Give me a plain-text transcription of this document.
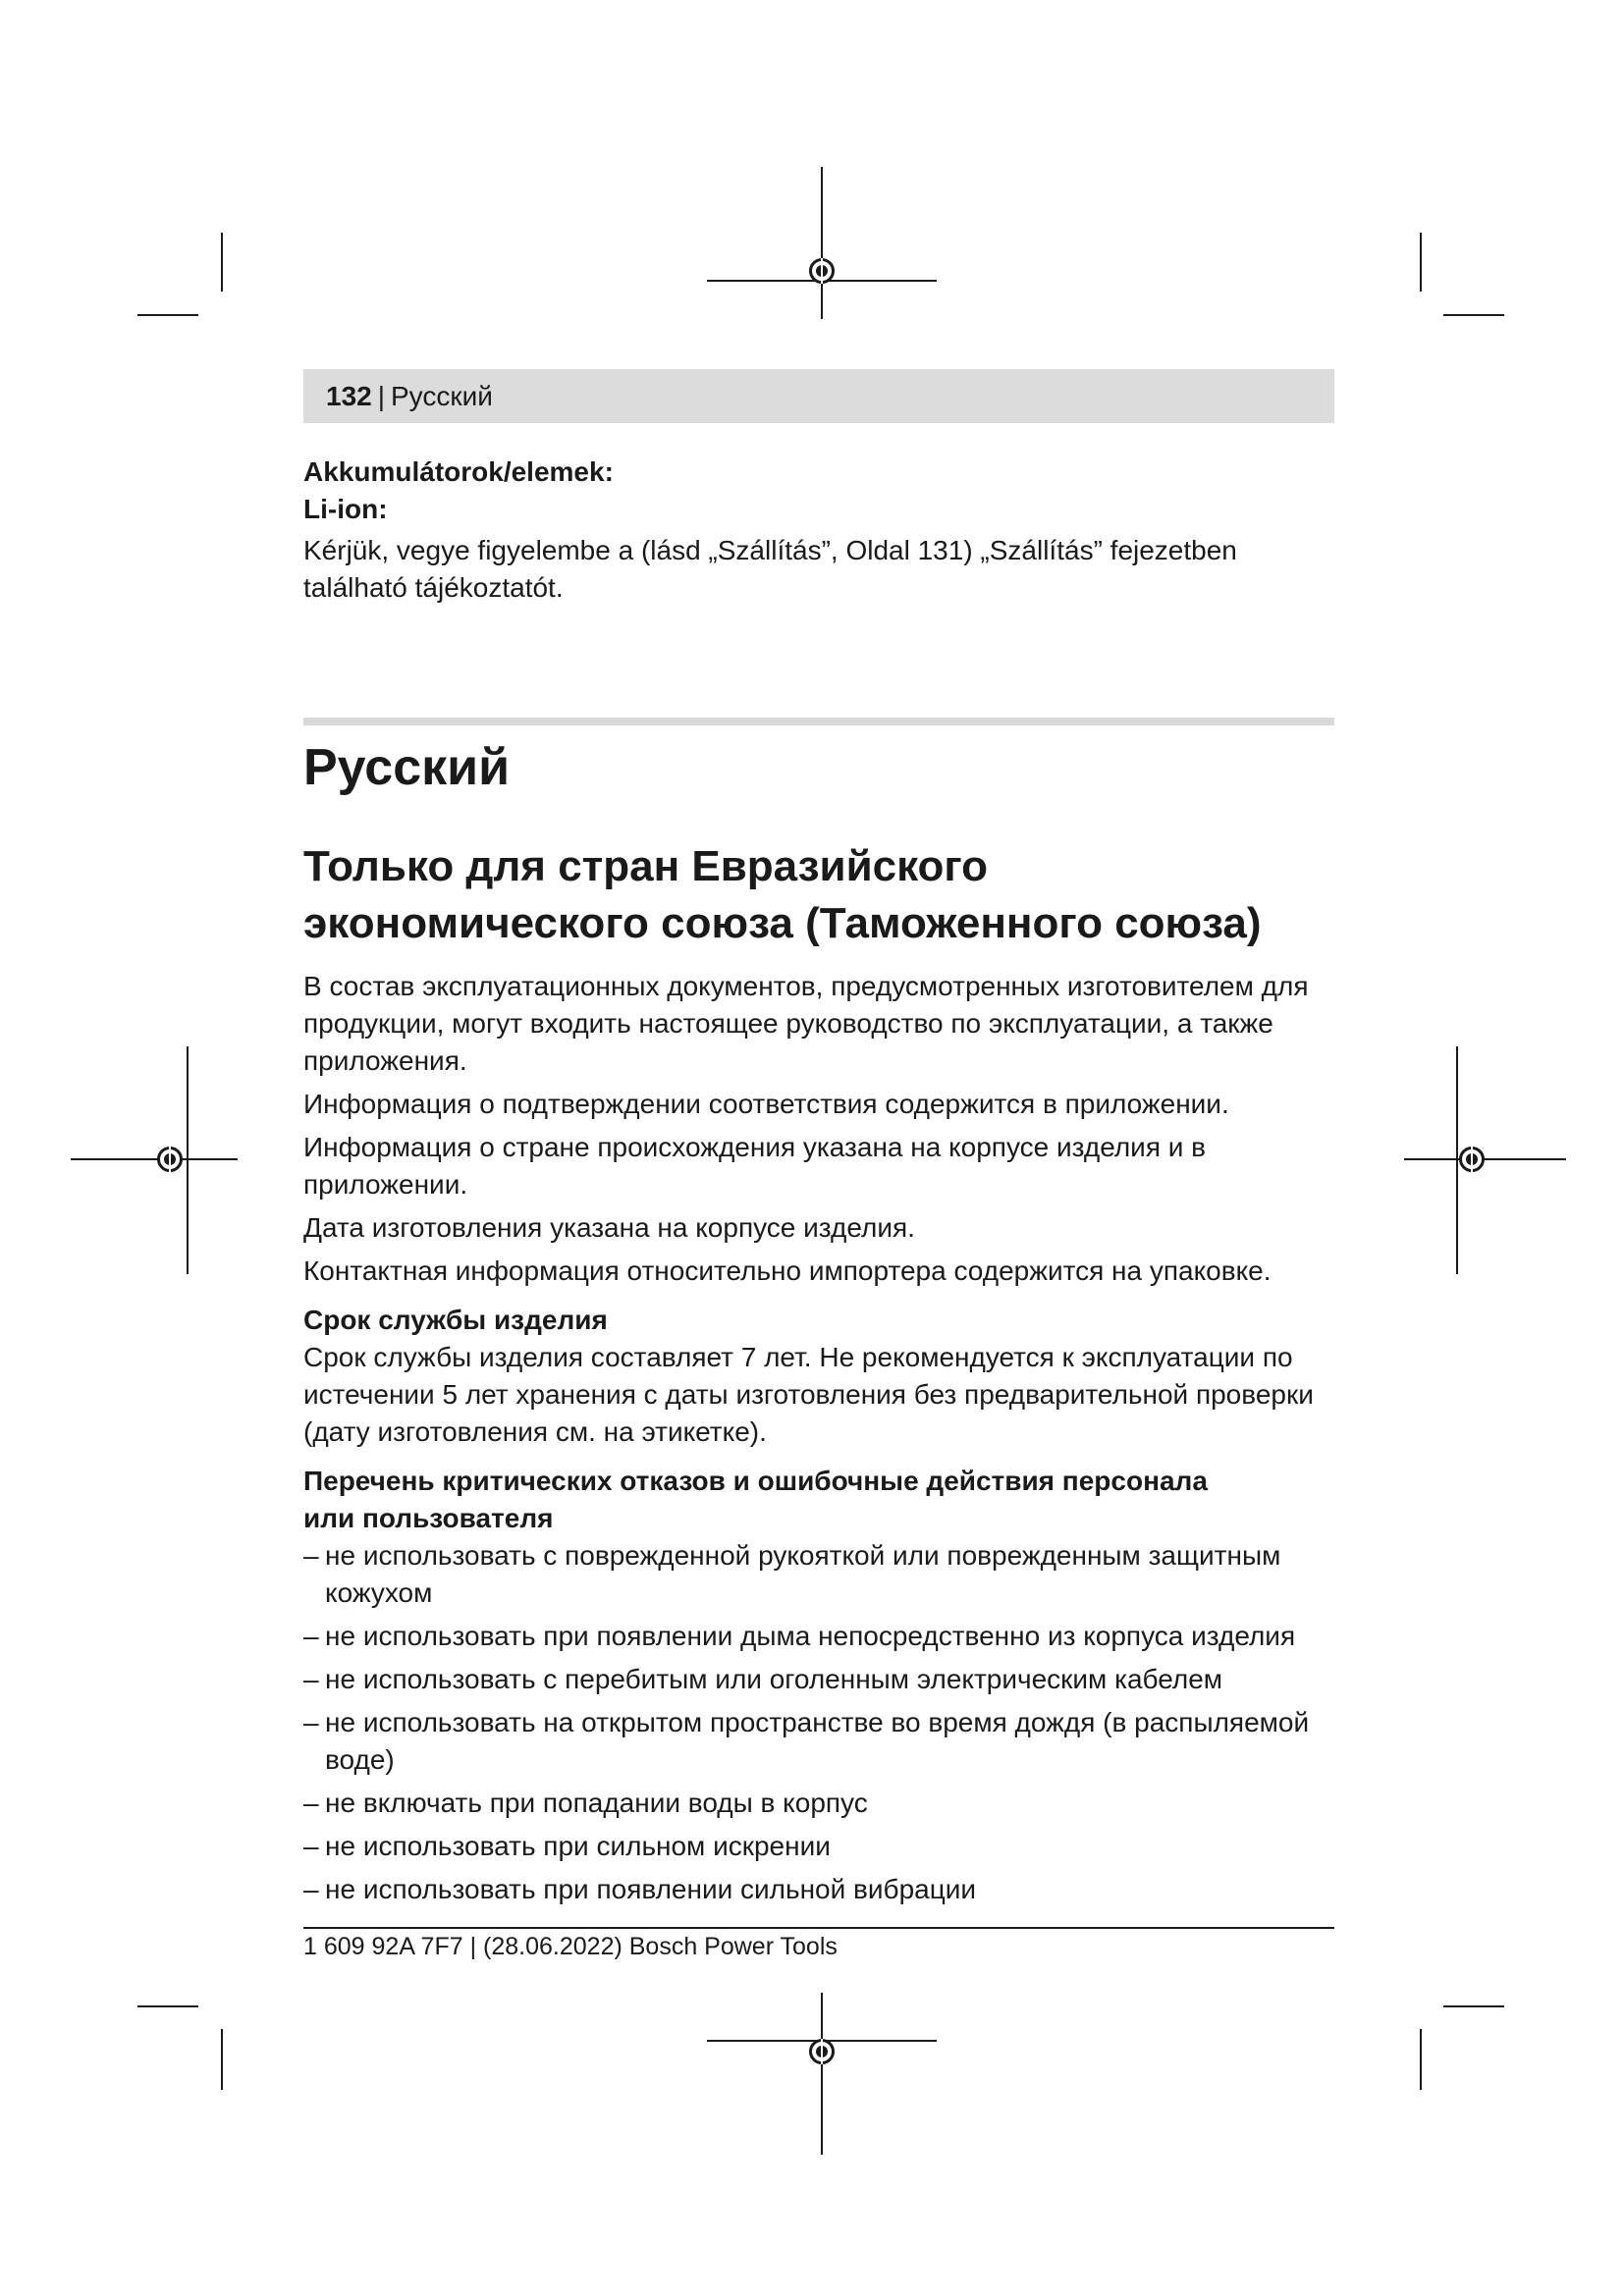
132 | Русский
Akkumulátorok/elemek:
Li-ion:
Kérjük, vegye figyelembe a (lásd „Szállítás”, Oldal 131) „Szállítás” fejezetben található tájékoztatót.
Русский
Только для стран Евразийского экономического союза (Таможенного союза)

В состав эксплуатационных документов, предусмотренных изготовителем для продукции, могут входить настоящее руководство по эксплуатации, а также приложения.

Информация о подтверждении соответствия содержится в приложении.

Информация о стране происхождения указана на корпусе изделия и в приложении.

Дата изготовления указана на корпусе изделия.

Контактная информация относительно импортера содержится на упаковке.

Срок службы изделия
Срок службы изделия составляет 7 лет. Не рекомендуется к эксплуатации по истечении 5 лет хранения с даты изготовления без предварительной проверки (дату изготовления см. на этикетке).
Перечень критических отказов и ошибочные действия персонала или пользователя
– не использовать с поврежденной рукояткой или поврежденным защитным кожухом
– не использовать при появлении дыма непосредственно из корпуса изделия
– не использовать с перебитым или оголенным электрическим кабелем
– не использовать на открытом пространстве во время дождя (в распыляемой воде)
– не включать при попадании воды в корпус
– не использовать при сильном искрении
– не использовать при появлении сильной вибрации
1 609 92A 7F7 | (28.06.2022) Bosch Power Tools
